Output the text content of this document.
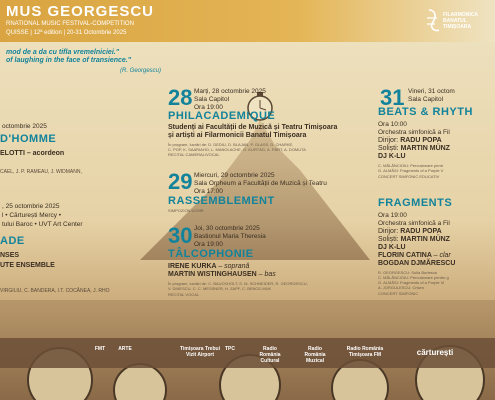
MUS GEORGESCU
RNATIONAL MUSIC FESTIVAL-COMPETITION
QUISSE | 12ª edition | 20-31 Octombrie 2025
FILARMONICA
BANATUL
TIMIȘOARA
mod de a da cu tifla vremelniciei."
of laughing in the face of transience."
(R. Georgescu)
octombrie 2025
D'HOMME
ELOTTI – acordeon
CAEL, J. P. RAMEAU, J. WIDMANN,
, 25 octombrie 2025
l • Cărturești Mercy •
tului Baroc • UVT Art Center
ADE
NSES
UTE ENSEMBLE
VIRGILIU, C. BANDERA, I.T. COCÂNEA, J. RHO
28 Marți, 28 octombrie 2025
Sala Capitol
Ora 19:00
PHILACADEMIQUE
Studenți ai Facultății de Muzică și Teatru Timișoara
și artiști ai Filarmonicii Banatul Timișoara
În program, lucrări de: D. DEDIU, D. BLAJAN, P. GLASS, D. CHARKE,
C. POP, K. SAARIAHO, L. MANOLACHE, G. KURTÁG, A. PÄRT, A. DOMUTA
RECITAL CAMERAL/VOCAL
29 Miercuri, 29 octombrie 2025
Sala Orpheum a Facultății de Muzică și Teatru
Ora 17:00
RASSEMBLEMENT
SIMPOZION UCMR
30 Joi, 30 octombrie 2025
Bastionul Maria Theresia
Ora 19:00
TÂLCOPHONIE
IRENE KURKA – soprană
MARTIN WISTINGHAUSEN – bas
În program, lucrări de: C. BAUCKHOLT, S. M. SCHNEIDER, R. GEORGESCU,
V. DINESCU, C. C. MESSNER, H. ZAPF, C. BENCE-MUK
RECITAL VOCAL
31 Vineri, 31 octom
Sala Capitol
BEATS & RHYTH
Ora 10:00
Orchestra simfonică a Fil
Dirijor: RADU POPA
Soliști: MARTIN MÜNZ
DJ K-LU
C. MĂLĂNCIOIU: Percuționare pentr
G. ALMĂȘI: Fragments of a Purple V
CONCERT SIMFONIC EDUCATIV
FRAGMENTS
Ora 19:00
Orchestra simfonică a Fil
Dirijor: RADU POPA
Soliști: MARTIN MÜNZ
DJ K-LU
FLORIN CATINA – clar
BOGDAN DJMĂRESCU
R. GEORGESCU: Sulla Burlesca
C. MĂLĂNCIOIU: Percuționare pentru g
G. ALMĂȘI: Fragments of a Purple Vi
A. JORGULESCU: Crisen
CONCERT SIMFONIC
Timișoara Trebui Vizit Airport
FMT	ARTE	TPC	Radio România Cultural
Radio România Muzical
Radio România Timișoara FM	cărturești
